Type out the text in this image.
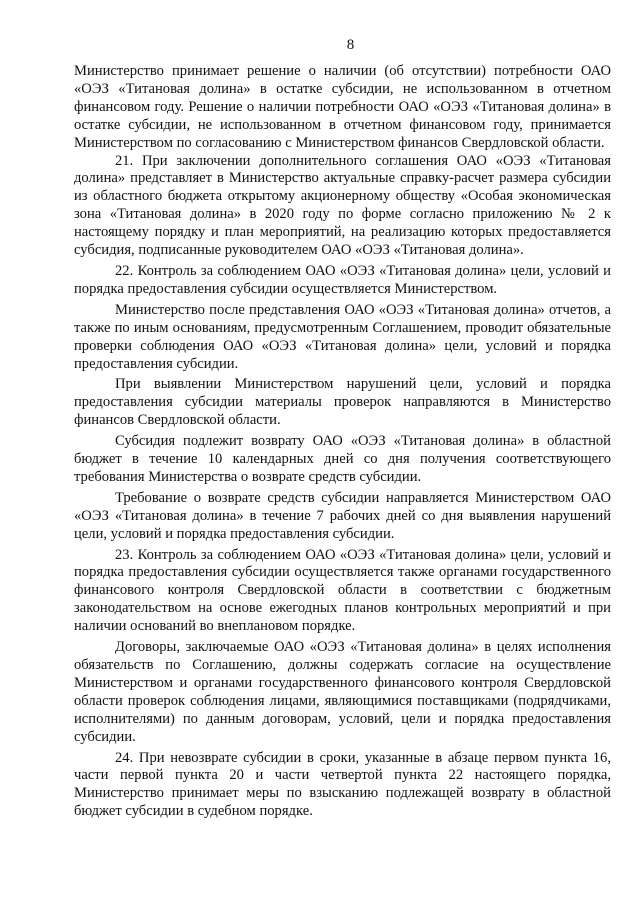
8

Министерство принимает решение о наличии (об отсутствии) потребности ОАО «ОЭЗ «Титановая долина» в остатке субсидии, не использованном в отчетном финансовом году. Решение о наличии потребности ОАО «ОЭЗ «Титановая долина» в остатке субсидии, не использованном в отчетном финансовом году, принимается Министерством по согласованию с Министерством финансов Свердловской области.

21. При заключении дополнительного соглашения ОАО «ОЭЗ «Титановая долина» представляет в Министерство актуальные справку-расчет размера субсидии из областного бюджета открытому акционерному обществу «Особая экономическая зона «Титановая долина» в 2020 году по форме согласно приложению № 2 к настоящему порядку и план мероприятий, на реализацию которых предоставляется субсидия, подписанные руководителем ОАО «ОЭЗ «Титановая долина».

22. Контроль за соблюдением ОАО «ОЭЗ «Титановая долина» цели, условий и порядка предоставления субсидии осуществляется Министерством.

Министерство после представления ОАО «ОЭЗ «Титановая долина» отчетов, а также по иным основаниям, предусмотренным Соглашением, проводит обязательные проверки соблюдения ОАО «ОЭЗ «Титановая долина» цели, условий и порядка предоставления субсидии.

При выявлении Министерством нарушений цели, условий и порядка предоставления субсидии материалы проверок направляются в Министерство финансов Свердловской области.

Субсидия подлежит возврату ОАО «ОЭЗ «Титановая долина» в областной бюджет в течение 10 календарных дней со дня получения соответствующего требования Министерства о возврате средств субсидии.

Требование о возврате средств субсидии направляется Министерством ОАО «ОЭЗ «Титановая долина» в течение 7 рабочих дней со дня выявления нарушений цели, условий и порядка предоставления субсидии.

23. Контроль за соблюдением ОАО «ОЭЗ «Титановая долина» цели, условий и порядка предоставления субсидии осуществляется также органами государственного финансового контроля Свердловской области в соответствии с бюджетным законодательством на основе ежегодных планов контрольных мероприятий и при наличии оснований во внеплановом порядке.

Договоры, заключаемые ОАО «ОЭЗ «Титановая долина» в целях исполнения обязательств по Соглашению, должны содержать согласие на осуществление Министерством и органами государственного финансового контроля Свердловской области проверок соблюдения лицами, являющимися поставщиками (подрядчиками, исполнителями) по данным договорам, условий, цели и порядка предоставления субсидии.

24. При невозврате субсидии в сроки, указанные в абзаце первом пункта 16, части первой пункта 20 и части четвертой пункта 22 настоящего порядка, Министерство принимает меры по взысканию подлежащей возврату в областной бюджет субсидии в судебном порядке.
